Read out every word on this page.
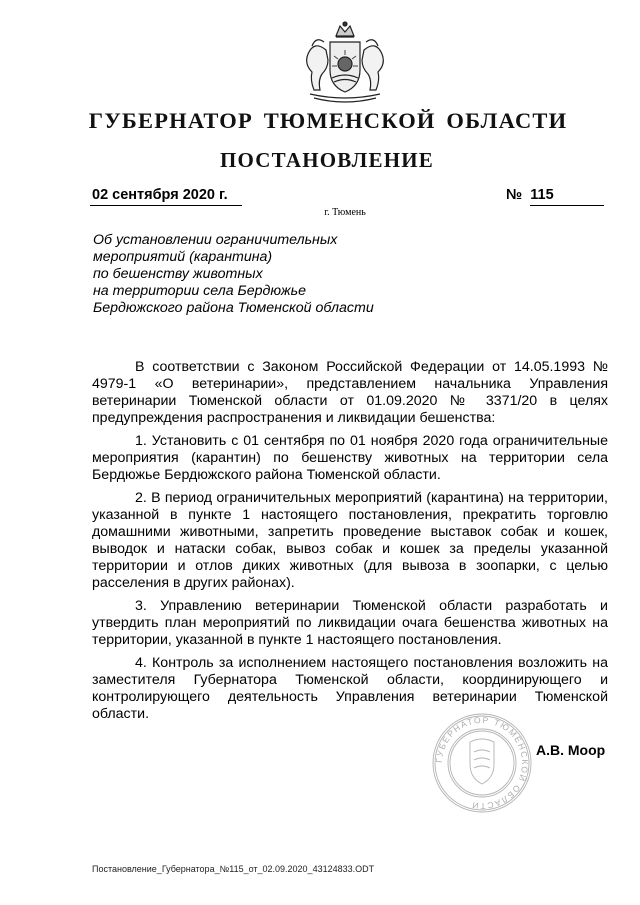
ГУБЕРНАТОР ТЮМЕНСКОЙ ОБЛАСТИ
ПОСТАНОВЛЕНИЕ
02 сентября 2020 г.	№ 115
г. Тюмень
Об установлении ограничительных
мероприятий (карантина)
по бешенству животных
на территории села Бердюжье
Бердюжского района Тюменской области

В соответствии с Законом Российской Федерации от 14.05.1993 № 4979-1 «О ветеринарии», представлением начальника Управления ветеринарии Тюменской области от 01.09.2020 № 3371/20 в целях предупреждения распространения и ликвидации бешенства:

1. Установить с 01 сентября по 01 ноября 2020 года ограничительные мероприятия (карантин) по бешенству животных на территории села Бердюжье Бердюжского района Тюменской области.

2. В период ограничительных мероприятий (карантина) на территории, указанной в пункте 1 настоящего постановления, прекратить торговлю домашними животными, запретить проведение выставок собак и кошек, выводок и натаски собак, вывоз собак и кошек за пределы указанной территории и отлов диких животных (для вывоза в зоопарки, с целью расселения в других районах).

3. Управлению ветеринарии Тюменской области разработать и утвердить план мероприятий по ликвидации очага бешенства животных на территории, указанной в пункте 1 настоящего постановления.

4. Контроль за исполнением настоящего постановления возложить на заместителя Губернатора Тюменской области, координирующего и контролирующего деятельность Управления ветеринарии Тюменской области.

ГУБЕРНАТОР ТЮМЕНСКОЙ ОБЛАСТИ
А.В. Моор
Постановление_Губернатора_№115_от_02.09.2020_43124833.ODT
